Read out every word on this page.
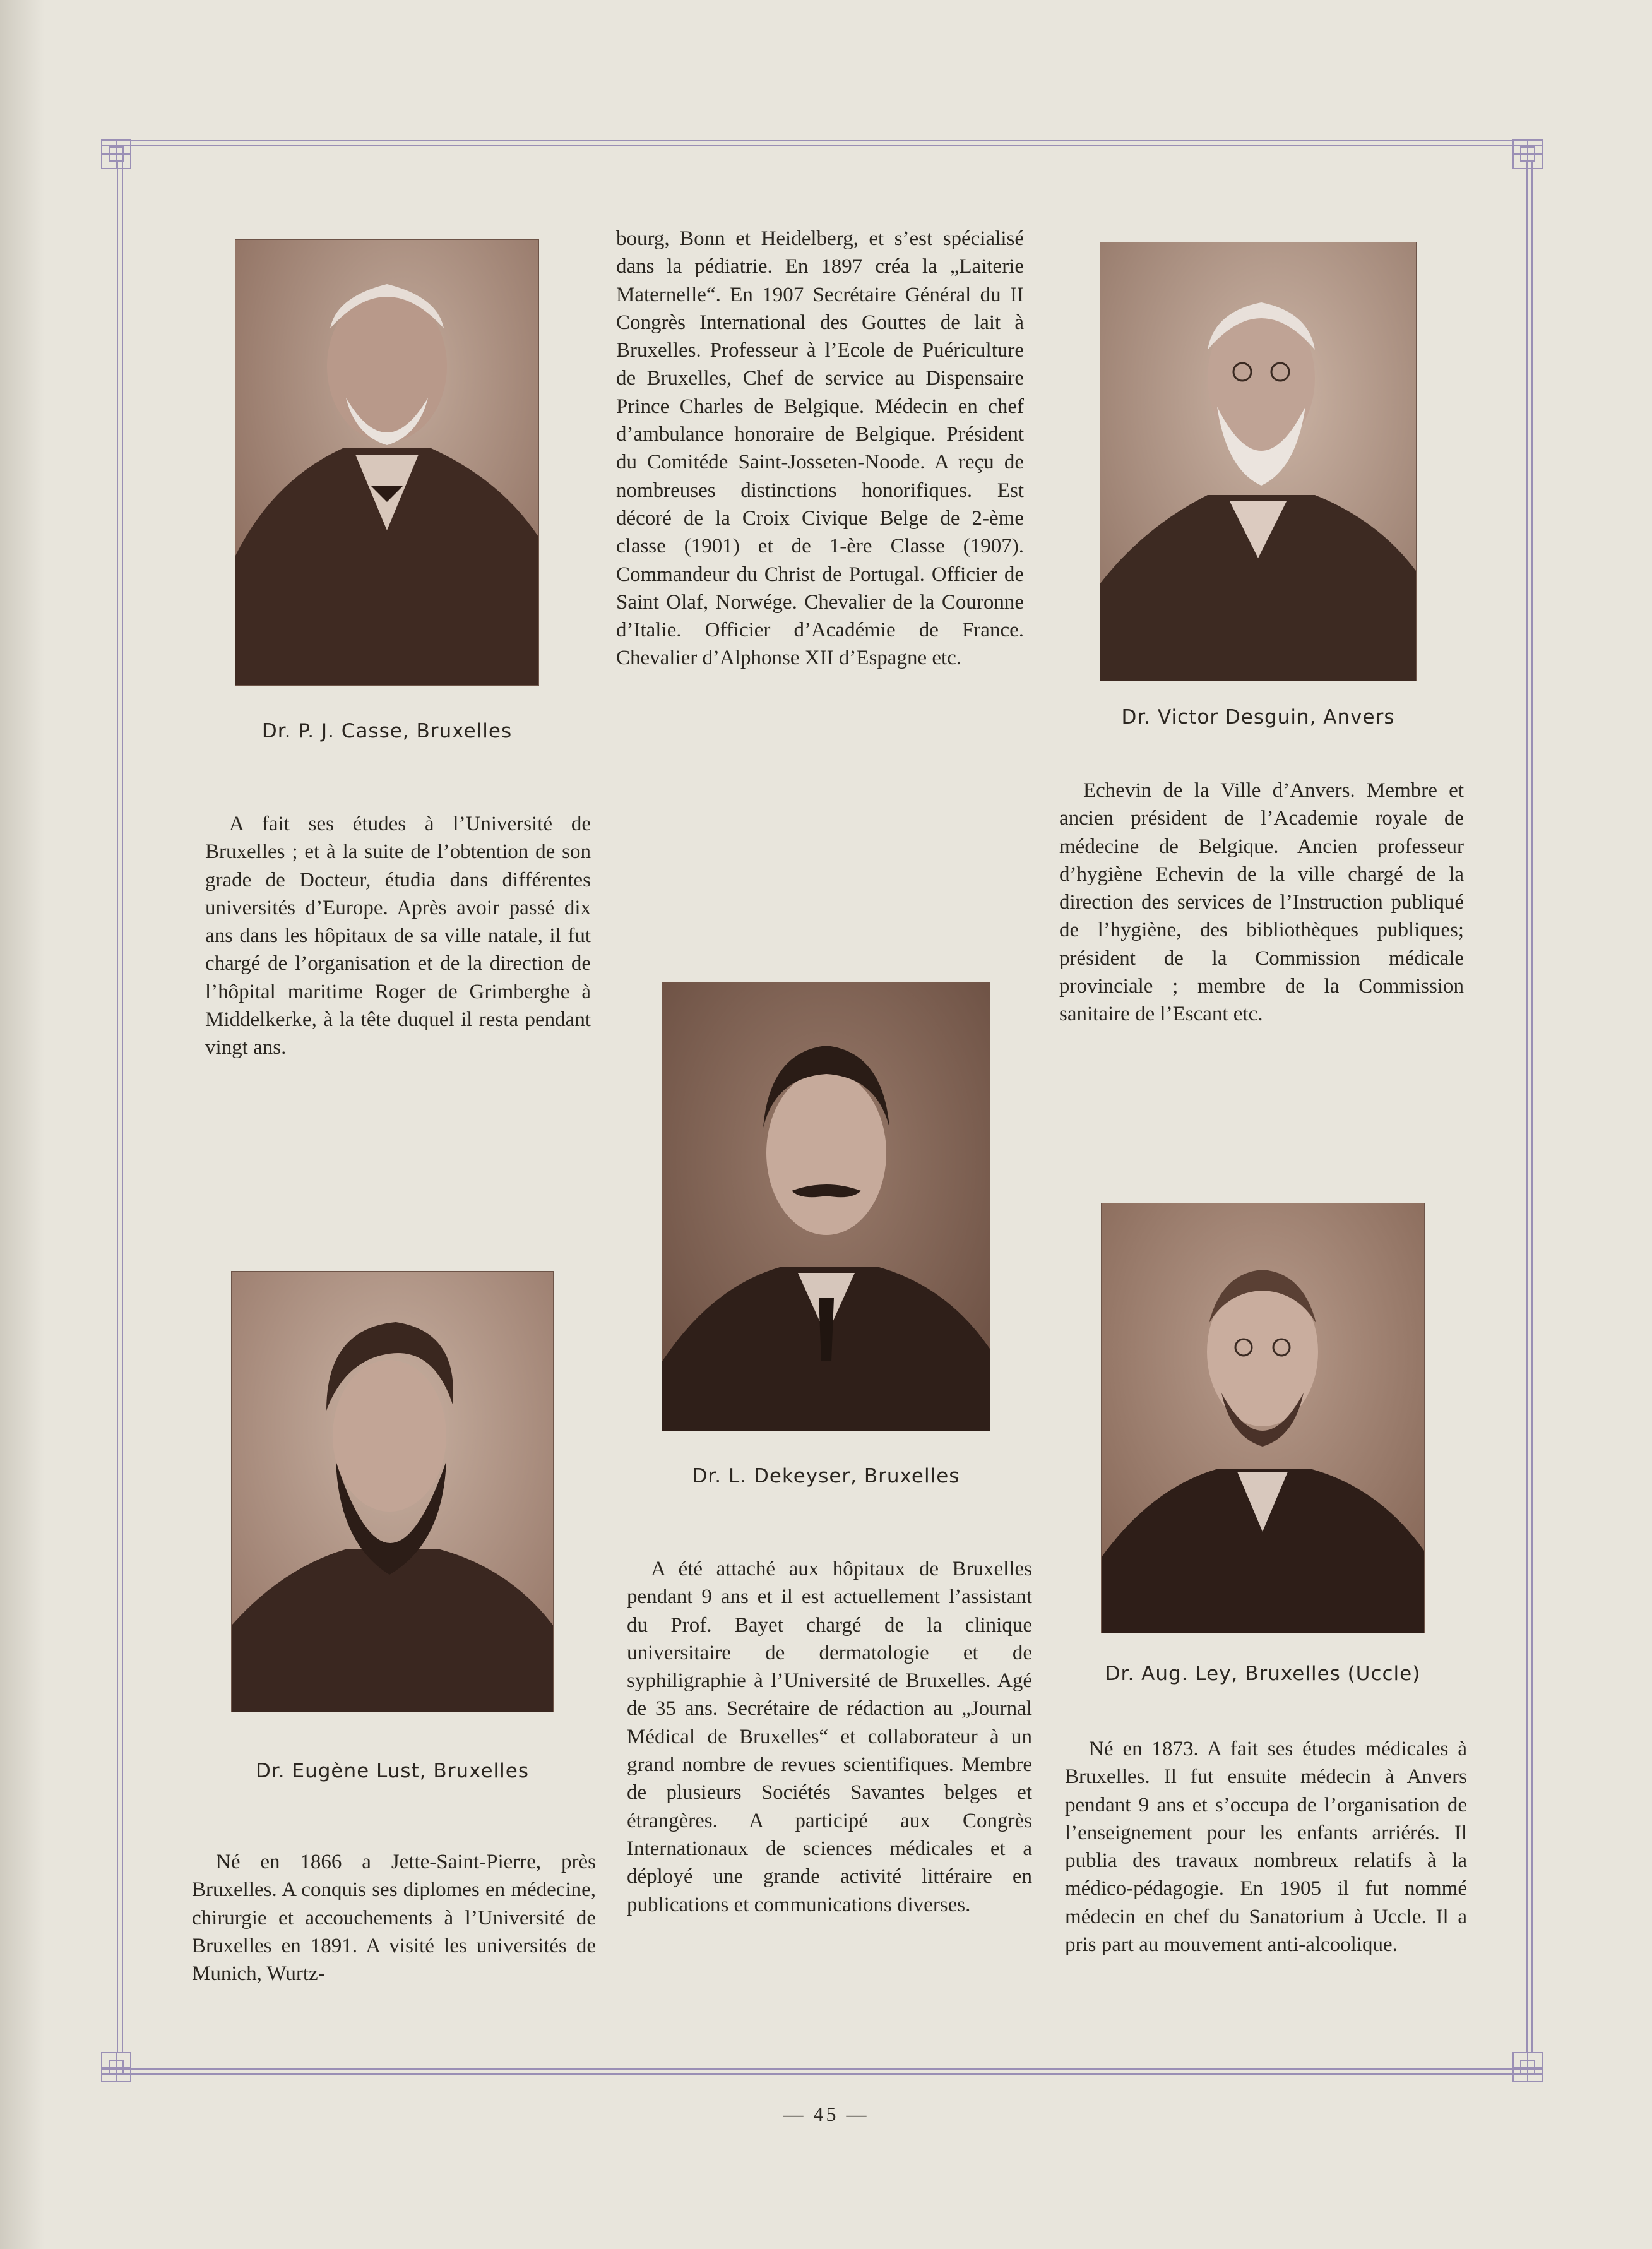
Dr. P. J. Casse, Bruxelles

A fait ses études à l’Université de Bruxelles ; et à la suite de l’obtention de son grade de Docteur, étudia dans différentes universités d’Europe. Après avoir passé dix ans dans les hôpitaux de sa ville natale, il fut chargé de l’organisation et de la direction de l’hôpital maritime Roger de Grimberghe à Middelkerke, à la tête duquel il resta pendant vingt ans.

bourg, Bonn et Heidelberg, et s’est spécialisé dans la pédiatrie. En 1897 créa la „Laiterie Maternelle“. En 1907 Secrétaire Général du II Congrès International des Gouttes de lait à Bruxelles. Professeur à l’Ecole de Puériculture de Bruxelles, Chef de service au Dispensaire Prince Charles de Belgique. Médecin en chef d’ambulance honoraire de Belgique. Président du Comitéde Saint-Josseten-Noode. A reçu de nombreuses distinctions honorifiques. Est décoré de la Croix Civique Belge de 2-ème classe (1901) et de 1-ère Classe (1907). Commandeur du Christ de Portugal. Officier de Saint Olaf, Norwége. Chevalier de la Couronne d’Italie. Officier d’Académie de France. Chevalier d’Alphonse XII d’Espagne etc.

Dr. Victor Desguin, Anvers

Echevin de la Ville d’Anvers. Membre et ancien président de l’Academie royale de médecine de Belgique. Ancien professeur d’hygiène Echevin de la ville chargé de la direction des services de l’Instruction publiqué de l’hygiène, des bibliothèques publiques; président de la Commission médicale provinciale ; membre de la Commission sanitaire de l’Escant etc.

Dr. L. Dekeyser, Bruxelles

A été attaché aux hôpitaux de Bruxelles pendant 9 ans et il est actuellement l’assistant du Prof. Bayet chargé de la clinique universitaire de dermatologie et de syphiligraphie à l’Université de Bruxelles. Agé de 35 ans. Secrétaire de rédaction au „Journal Médical de Bruxelles“ et collaborateur à un grand nombre de revues scientifiques. Membre de plusieurs Sociétés Savantes belges et étrangères. A participé aux Congrès Internationaux de sciences médicales et a déployé une grande activité littéraire en publications et communications diverses.

Dr. Eugène Lust, Bruxelles

Né en 1866 a Jette-Saint-Pierre, près Bruxelles. A conquis ses diplomes en médecine, chirurgie et accouchements à l’Université de Bruxelles en 1891. A visité les universités de Munich, Wurtz-

Dr. Aug. Ley, Bruxelles (Uccle)

Né en 1873. A fait ses études médicales à Bruxelles. Il fut ensuite médecin à Anvers pendant 9 ans et s’occupa de l’organisation de l’enseignement pour les enfants arriérés. Il publia des travaux nombreux relatifs à la médico-pédagogie. En 1905 il fut nommé médecin en chef du Sanatorium à Uccle. Il a pris part au mouvement anti-alcoolique.

— 45 —
